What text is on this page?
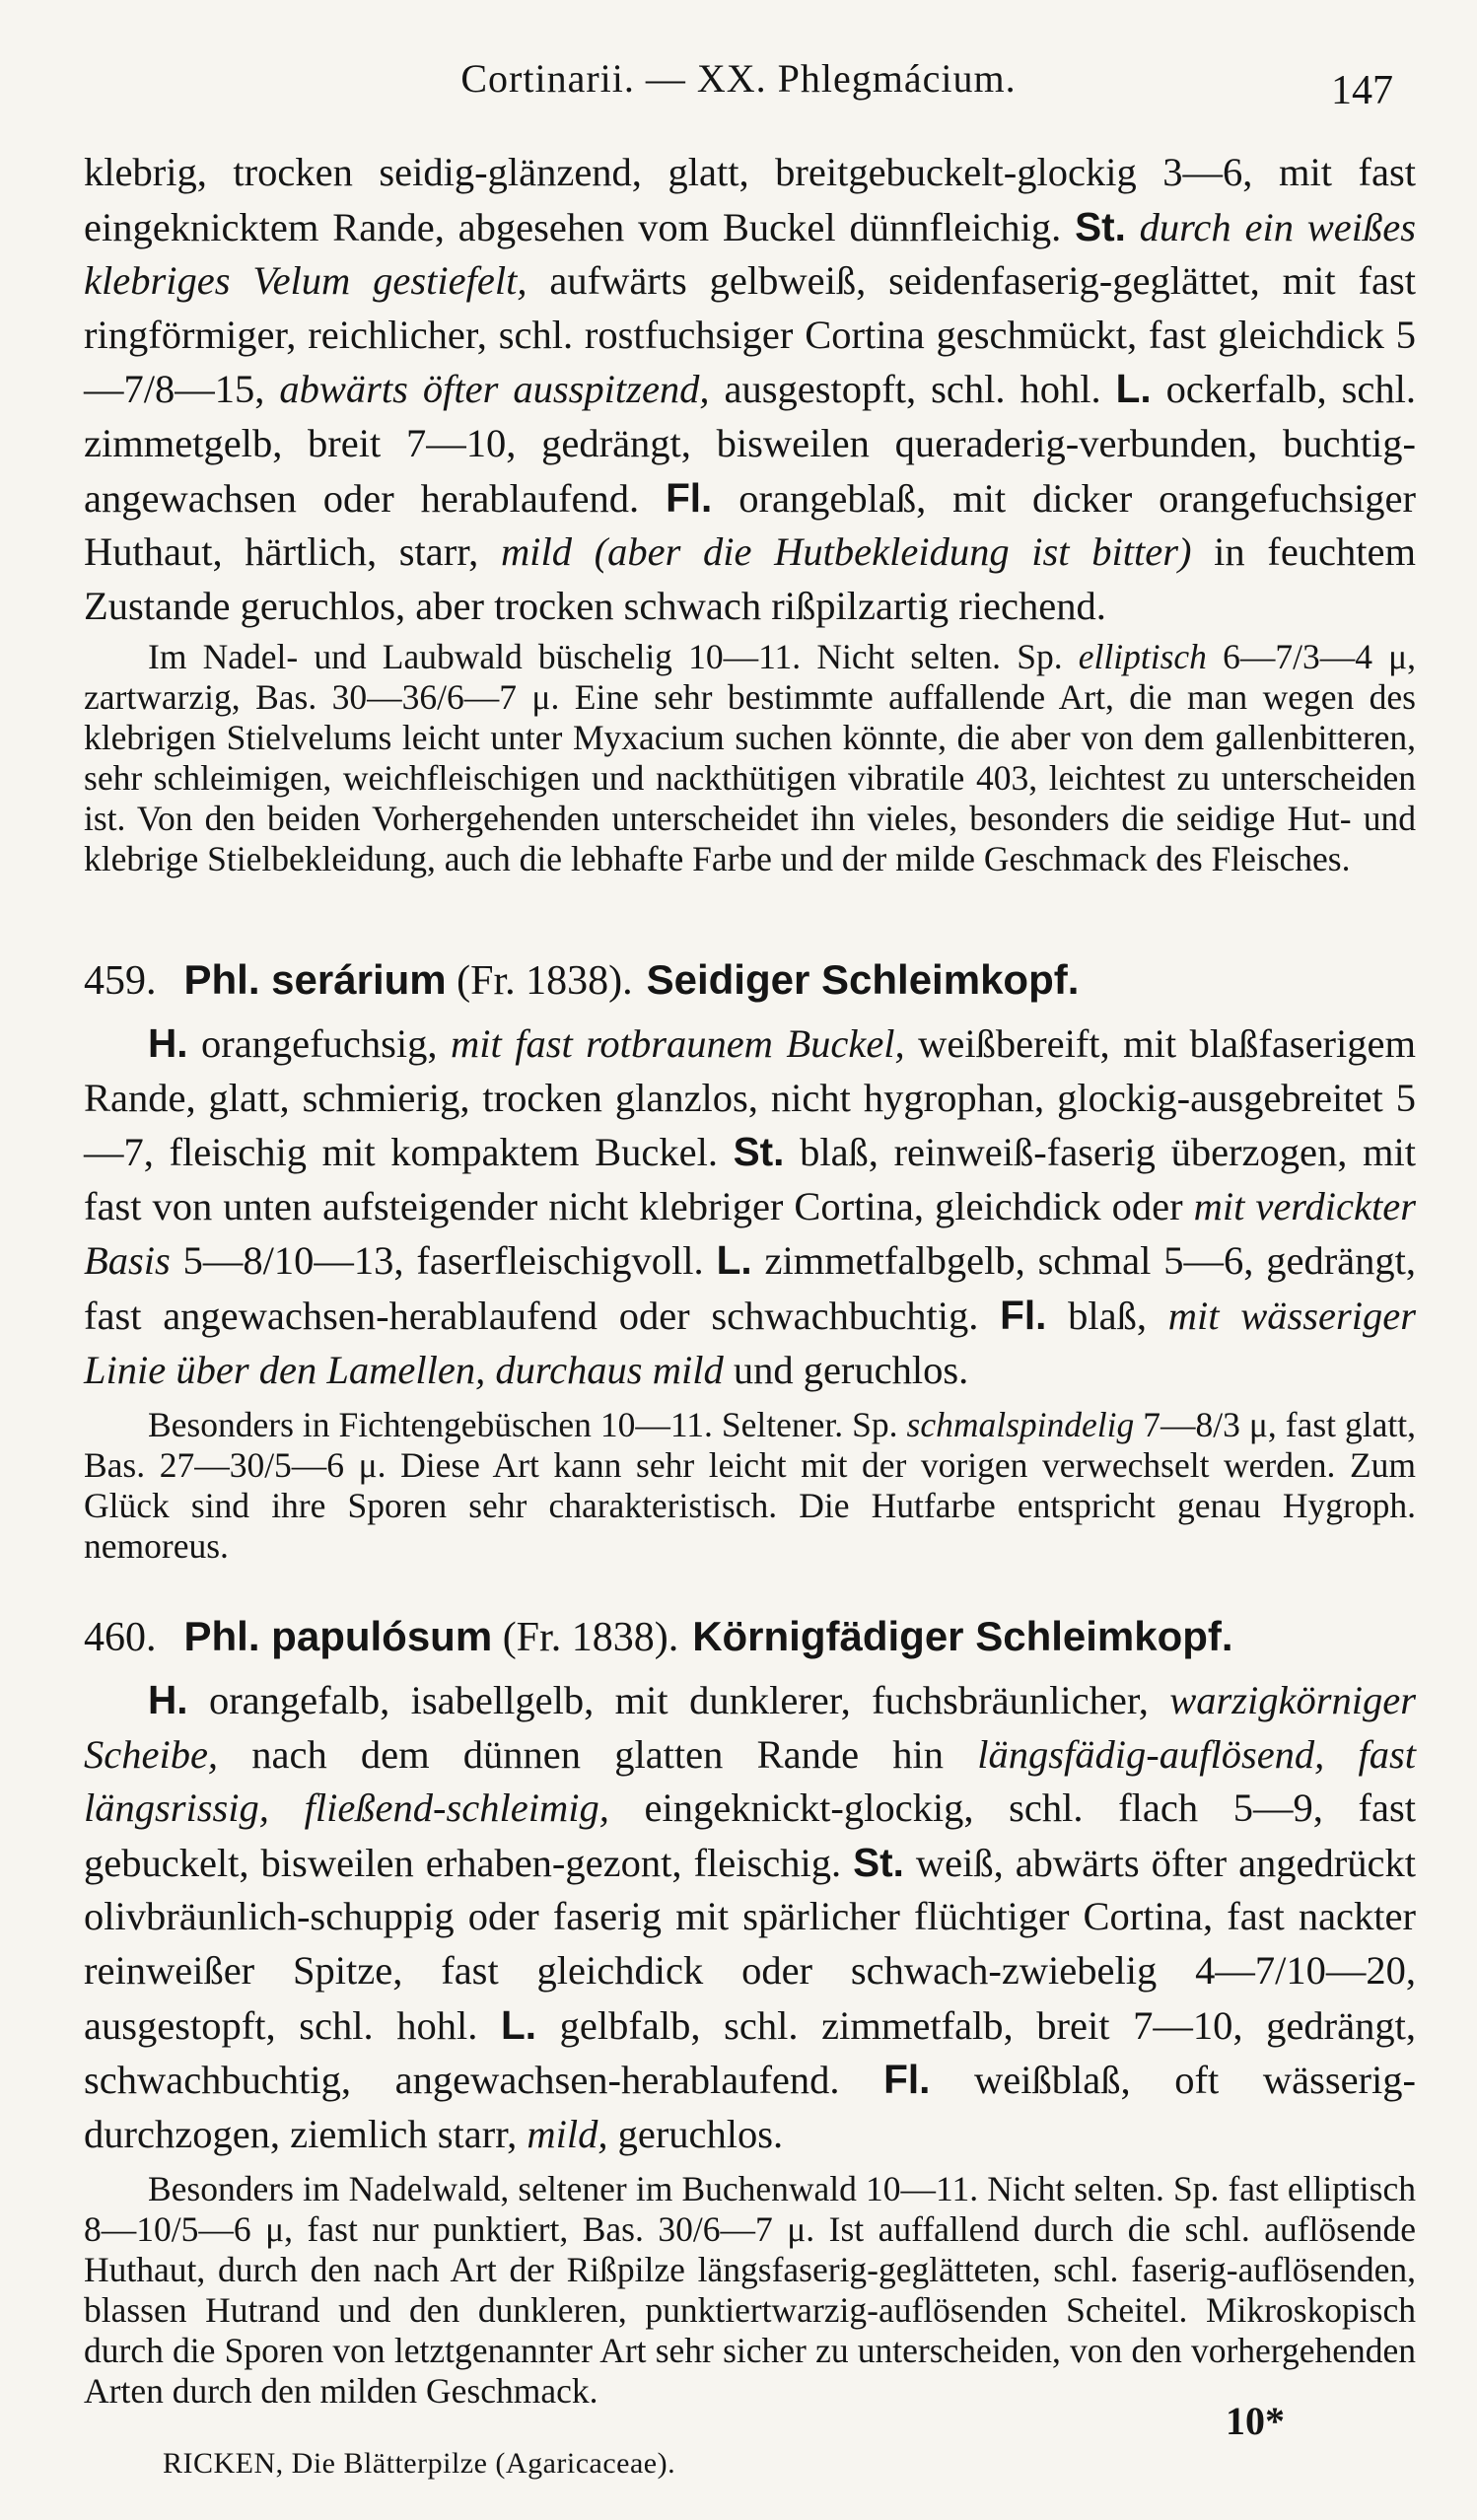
Cortinarii. — XX. Phlegmácium.	147

klebrig, trocken seidig-glänzend, glatt, breitgebuckelt-glockig 3—6, mit fast eingeknicktem Rande, abgesehen vom Buckel dünnfleichig. St. durch ein weißes klebriges Velum gestiefelt, aufwärts gelbweiß, seidenfaserig-geglättet, mit fast ringförmiger, reichlicher, schl. rostfuchsiger Cortina geschmückt, fast gleichdick 5—7/8—15, abwärts öfter ausspitzend, ausgestopft, schl. hohl. L. ockerfalb, schl. zimmetgelb, breit 7—10, gedrängt, bisweilen queraderig-verbunden, buchtig-angewachsen oder herablaufend. Fl. orangeblaß, mit dicker orangefuchsiger Huthaut, härtlich, starr, mild (aber die Hutbekleidung ist bitter) in feuchtem Zustande geruchlos, aber trocken schwach rißpilzartig riechend.

Im Nadel- und Laubwald büschelig 10—11. Nicht selten. Sp. elliptisch 6—7/3—4 μ, zartwarzig, Bas. 30—36/6—7 μ. Eine sehr bestimmte auffallende Art, die man wegen des klebrigen Stielvelums leicht unter Myxacium suchen könnte, die aber von dem gallenbitteren, sehr schleimigen, weichfleischigen und nackthütigen vibratile 403, leichtest zu unterscheiden ist. Von den beiden Vorhergehenden unterscheidet ihn vieles, besonders die seidige Hut- und klebrige Stielbekleidung, auch die lebhafte Farbe und der milde Geschmack des Fleisches.

459. Phl. serárium (Fr. 1838). Seidiger Schleimkopf.

H. orangefuchsig, mit fast rotbraunem Buckel, weißbereift, mit blaßfaserigem Rande, glatt, schmierig, trocken glanzlos, nicht hygrophan, glockig-ausgebreitet 5—7, fleischig mit kompaktem Buckel. St. blaß, reinweiß-faserig überzogen, mit fast von unten aufsteigender nicht klebriger Cortina, gleichdick oder mit verdickter Basis 5—8/10—13, faserfleischigvoll. L. zimmetfalbgelb, schmal 5—6, gedrängt, fast angewachsen-herablaufend oder schwachbuchtig. Fl. blaß, mit wässeriger Linie über den Lamellen, durchaus mild und geruchlos.

Besonders in Fichtengebüschen 10—11. Seltener. Sp. schmalspindelig 7—8/3 μ, fast glatt, Bas. 27—30/5—6 μ. Diese Art kann sehr leicht mit der vorigen verwechselt werden. Zum Glück sind ihre Sporen sehr charakteristisch. Die Hutfarbe entspricht genau Hygroph. nemoreus.

460. Phl. papulósum (Fr. 1838). Körnigfädiger Schleimkopf.

H. orangefalb, isabellgelb, mit dunklerer, fuchsbräunlicher, warzigkörniger Scheibe, nach dem dünnen glatten Rande hin längsfädig-auflösend, fast längsrissig, fließend-schleimig, eingeknickt-glockig, schl. flach 5—9, fast gebuckelt, bisweilen erhaben-gezont, fleischig. St. weiß, abwärts öfter angedrückt olivbräunlich-schuppig oder faserig mit spärlicher flüchtiger Cortina, fast nackter reinweißer Spitze, fast gleichdick oder schwach-zwiebelig 4—7/10—20, ausgestopft, schl. hohl. L. gelbfalb, schl. zimmetfalb, breit 7—10, gedrängt, schwachbuchtig, angewachsen-herablaufend. Fl. weißblaß, oft wässerig-durchzogen, ziemlich starr, mild, geruchlos.

Besonders im Nadelwald, seltener im Buchenwald 10—11. Nicht selten. Sp. fast elliptisch 8—10/5—6 μ, fast nur punktiert, Bas. 30/6—7 μ. Ist auffallend durch die schl. auflösende Huthaut, durch den nach Art der Rißpilze längsfaserig-geglätteten, schl. faserig-auflösenden, blassen Hutrand und den dunkleren, punktiertwarzig-auflösenden Scheitel. Mikroskopisch durch die Sporen von letztgenannter Art sehr sicher zu unterscheiden, von den vorhergehenden Arten durch den milden Geschmack.

10*
RICKEN, Die Blätterpilze (Agaricaceae).
